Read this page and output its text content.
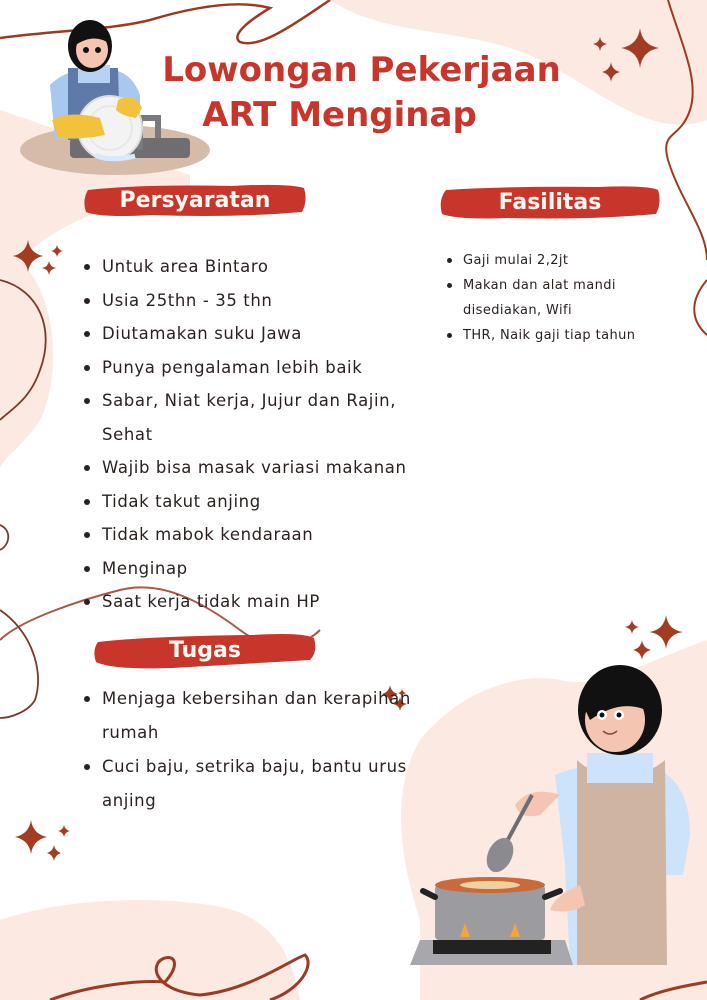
Lowongan Pekerjaan
ART Menginap
Persyaratan	Fasilitas
Untuk area Bintaro
Usia 25thn - 35 thn
Diutamakan suku Jawa
Punya pengalaman lebih baik
Sabar, Niat kerja, Jujur dan Rajin, Sehat
Wajib bisa masak variasi makanan
Tidak takut anjing
Tidak mabok kendaraan
Menginap
Saat kerja tidak main HP
Gaji mulai 2,2jt
Makan dan alat mandi disediakan, Wifi
THR, Naik gaji tiap tahun
Tugas
Menjaga kebersihan dan kerapihan rumah
Cuci baju, setrika baju, bantu urus anjing
